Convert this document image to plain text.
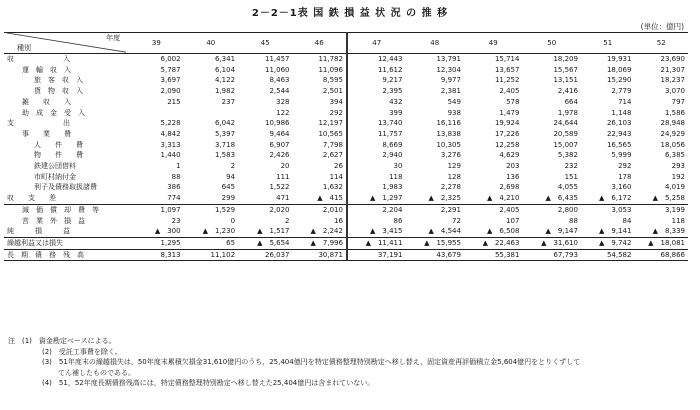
2－2－1表 国 鉄 損 益 状 況 の 推 移
(単位：億円)
年度
種別	39	40	45	46	47	48	49	50	51	52
収　　　　　　　入	6,002	6,341	11,457	11,782	12,443	13,791	15,714	18,209	19,931	23,690
運　輸　収　入	5,787	6,104	11,060	11,096	11,612	12,304	13,657	15,567	18,069	21,307
旅　客　収　入	3,697	4,122	8,463	8,595	9,217	9,977	11,252	13,151	15,290	18,237
貨　物　収　入	2,090	1,982	2,544	2,501	2,395	2,381	2,405	2,416	2,779	3,070
雑　　収　　入	215	237	328	394	432	549	578	664	714	797
助　成　金　受　入			122	292	399	938	1,479	1,978	1,148	1,586
支　　　　　　　出	5,228	6,042	10,986	12,197	13,740	16,116	19,924	24,644	26,103	28,948
事　　業　　費	4,842	5,397	9,464	10,565	11,757	13,838	17,226	20,589	22,943	24,929
人　　件　　費	3,313	3,718	6,907	7,798	8,669	10,305	12,258	15,007	16,565	18,056
物　　件　　費	1,440	1,583	2,426	2,627	2,940	3,276	4,629	5,382	5,999	6,385
鉄建公団借料	1	2	20	26	30	129	203	232	292	293
市町村納付金	88	94	111	114	118	128	136	151	178	192
利子及債務取扱諸費	386	645	1,522	1,632	1,983	2,278	2,698	4,055	3,160	4,019
収　　支　　差	774	299	471	▲　415	▲　1,297	▲　2,325	▲　4,210	▲　6,435	▲　6,172	▲　5,258
減　価　償　却　費　等	1,097	1,529	2,020	2,010	2,204	2,291	2,405	2,800	3,053	3,199
営　業　外　損　益	23	0	2	16	86	72	107	88	84	118
純　　　損　　　益	▲　300	▲　1,230	▲　1,517	▲　2,242	▲　3,415	▲　4,544	▲　6,508	▲　9,147	▲　9,141	▲　8,339
繰越利益又は損失	1,295	65	▲　5,654	▲　7,996	▲　11,411	▲　15,955	▲　22,463	▲　31,610	▲　9,742	▲　18,081
長　期　債　務　残　高	8,313	11,102	26,037	30,871	37,191	43,679	55,381	67,793	54,582	68,866
注　(1)　資金勘定ベースによる。
(2)　受託工事費を除く。
(3)　51年度末の繰越損失は，50年度末累積欠損金31,610億円のうち，25,404億円を特定債務整理特別勘定へ移し替え，固定資産再評価積立金5,604億円をとりくずして
てん補したものである。
(4)　51，52年度長期債務残高には，特定債務整理特別勘定へ移し替えた25,404億円は含まれていない。
